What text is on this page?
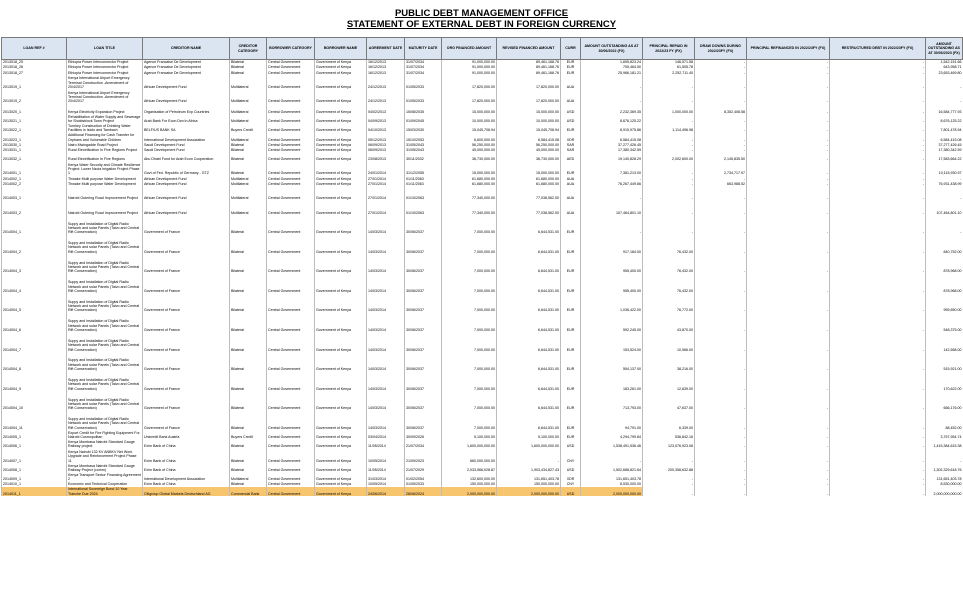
PUBLIC DEBT MANAGEMENT OFFICE
STATEMENT OF EXTERNAL DEBT IN FOREIGN CURRENCY
LOAN REF #	LOAN TITLE	CREDITOR NAME	CREDITOR CATEGORY	BORROWER CATEGORY	BORROWER NAME	AGREEMENT DATE	MATURITY DATE	ORG FINANCED AMOUNT	REVISED FINANCED AMOUNT	CURR	AMOUNT OUTSTANDING AS AT 30/06/2022 (FX)	PRINCIPAL REPAID IN 2022/23 FY (FX)	DRAW DOWNS DURING 2022/23FY (FX)	PRINCIPAL REFINANCED IN 2022/23FY (FX)	RESTRUCTURED DEBT IN 2022/23FY (FX)	AMOUNT OUTSTANDING AS AT 30/06/2023 (FX)
2013018_25	Ethiopia Power Interconnector Project	Agence Francaise De Development	Bilateral	Central Government	Government of Kenya	16/12/2013	31/07/2034	91,000,000.00	89,461,168.76	EUR	1,695,823.24	146,571.58	-	-	-	1,542,151.66
2013018_26	Ethiopia Power Interconnector Project	Agence Francaise De Development	Bilateral	Central Government	Government of Kenya	16/12/2013	31/07/2034	91,000,000.00	89,461,168.76	EUR	705,464.50	61,505.78	-	-	-	643,958.71
2013018_27	Ethiopia Power Interconnector Project	Agence Francaise De Development	Bilateral	Central Government	Government of Kenya	16/12/2013	31/07/2034	91,000,000.00	89,461,168.76	EUR	25,966,181.21	2,252,711.40	-	-	-	23,653,469.80
2013019_1	Kenya International Airport Emergency Terminal Construction -Amendment of 20/4/2017	African Development Fund	Multilateral	Central Government	Government of Kenya	24/12/2013	01/05/2033	17,820,000.00	17,820,000.00	AUA	-	-	-	-	-	-
2013019_2	Kenya International Airport Emergency Terminal Construction -Amendment of 20/4/2017	African Development Fund	Multilateral	Central Government	Government of Kenya	24/12/2013	01/05/2033	17,820,000.00	17,820,000.00	AUA	-	-	-	-	-	-
2013020_1	Kenya Electricity Expansion Project	Organisation of Petroleum Exp Countries	Multilateral	Central Government	Government of Kenya	04/02/2013	15/08/2035	15,000,000.00	15,000,000.00	USD	2,232,369.35	1,000,000.00	8,352,408.58	-	-	16,584,777.93
2013021_1	Rehabilitation of Water Supply and Sewerage for Sholdsblock Town Project	Arab Bank For Econ.Dev.In Africa	Multilateral	Central Government	Government of Kenya	04/09/2013	01/09/2045	10,000,000.00	10,000,000.00	USD	8,676,125.22	-	-	-	-	8,676,125.22
2013022_1	Turnkey Construction of Drinking Water Facilities in Isiolo and Tambach	BELFIUS BANK SA	Buyers Credit	Central Government	Government of Kenya	04/10/2013	15/03/2030	15,045,708.94	15,045,708.94	EUR	8,915,975.86	1,114,496.98	-	-	-	7,801,478.94
2013023_1	Additional Financing for Cash Transfer for Orphans and Vulnerable Children	International Development Association	Multilateral	Central Government	Government of Kenya	05/12/2013	15/10/2053	6,600,000.00	6,584,415.08	XDR	6,584,415.08	-	-	-	-	6,584,415.08
2013030_1	Nairo Mwingadde Road Project	Saudi Development Fund	Bilateral	Central Government	Government of Kenya	06/09/2013	31/05/2043	56,250,000.00	56,250,000.00	SAR	37,277,426.45	-	-	-	-	37,277,426.45
2013031_1	Rural Electrification In Five Regions Project	Saudi Development Fund	Bilateral	Central Government	Government of Kenya	06/09/2013	31/05/2043	45,000,000.00	45,000,000.00	SAR	17,380,342.59	-	-	-	-	17,380,342.59
2013032_1	Rural Electrification In Five Regions	Abu Dhabi Fund for Arab Econ Cooperation	Bilateral	Central Government	Government of Kenya	23/08/2013	30/11/2032	36,730,000.00	36,730,000.00	AED	19,140,828.29	2,002,600.00	2,145,835.50	-	-	17,583,664.22
2014001_1	Kenya Water Security and Climate Resilience Project: Lower Nzoia Irrigation Project Phase 1	Govt of Fed. Republic of Germany - GTZ	Bilateral	Central Government	Government of Kenya	24/01/2014	31/12/2055	15,000,000.00	15,000,000.00	EUR	7,381,213.00	-	2,734,717.97	-	-	10,115,930.97
2014002_1	Thwake Multi purpose Water Development	African Development Fund	Multilateral	Central Government	Government of Kenya	27/01/2014	01/11/2063	61,680,000.00	61,680,000.00	AUA	-	-	-	-	-	-
2014002_2	Thwake Multi purpose Water Development	African Development Fund	Multilateral	Central Government	Government of Kenya	27/01/2014	01/11/2063	61,680,000.00	61,680,000.00	AUA	76,267,449.66	-	663,988.52	-	-	76,931,438.99
2014003_1	Nairobi Outering Road Improvement Project	African Development Fund	Multilateral	Central Government	Government of Kenya	27/01/2014	01/10/2063	77,340,000.00	77,038,562.00	AUA	-	-	-	-	-	-
2014003_2	Nairobi Outering Road Improvement Project	African Development Fund	Multilateral	Central Government	Government of Kenya	27/01/2014	01/10/2063	77,340,000.00	77,038,562.00	AUA	107,464,801.10	-	-	-	-	107,464,801.10
2014004_1	Suppy and Installation of Digital Radio Network and solar Panels (Taivo and Central Rift Conservation)	Government of France	Bilateral	Central Government	Government of Kenya	14/03/2014	30/06/2037	7,000,000.00	6,644,531.00	EUR	-	-	-	-	-	-
2014004_2	Suppy and Installation of Digital Radio Network and solar Panels (Taivo and Central Rift Conservation)	Government of France	Bilateral	Central Government	Government of Kenya	14/03/2014	30/06/2037	7,000,000.00	6,644,531.00	EUR	917,184.00	76,432.00	-	-	-	840,752.00
2014004_3	Suppy and Installation of Digital Radio Network and solar Panels (Taivo and Central Rift Conservation)	Government of France	Bilateral	Central Government	Government of Kenya	14/03/2014	30/06/2037	7,000,000.00	6,644,531.00	EUR	955,400.00	76,432.00	-	-	-	878,968.00
2014004_4	Suppy and Installation of Digital Radio Network and solar Panels (Taivo and Central Rift Conservation)	Government of France	Bilateral	Central Government	Government of Kenya	14/03/2014	30/06/2037	7,000,000.00	6,644,531.00	EUR	955,400.00	76,432.00	-	-	-	878,968.00
2014004_5	Suppy and Installation of Digital Radio Network and solar Panels (Taivo and Central Rift Conservation)	Government of France	Bilateral	Central Government	Government of Kenya	14/03/2014	30/06/2037	7,000,000.00	6,644,531.00	EUR	1,036,422.00	76,772.00	-	-	-	959,650.00
2014004_6	Suppy and Installation of Digital Radio Network and solar Panels (Taivo and Central Rift Conservation)	Government of France	Bilateral	Central Government	Government of Kenya	14/03/2014	30/06/2037	7,000,000.00	6,644,531.00	EUR	592,245.00	43,870.00	-	-	-	548,375.00
2014004_7	Suppy and Installation of Digital Radio Network and solar Panels (Taivo and Central Rift Conservation)	Government of France	Bilateral	Central Government	Government of Kenya	14/03/2014	30/06/2037	7,000,000.00	6,644,531.00	EUR	153,524.00	10,966.00	-	-	-	142,558.00
2014004_8	Suppy and Installation of Digital Radio Network and solar Panels (Taivo and Central Rift Conservation)	Government of France	Bilateral	Central Government	Government of Kenya	14/03/2014	30/06/2037	7,000,000.00	6,644,531.00	EUR	554,137.00	38,216.00	-	-	-	515,921.00
2014004_9	Suppy and Installation of Digital Radio Network and solar Panels (Taivo and Central Rift Conservation)	Government of France	Bilateral	Central Government	Government of Kenya	14/03/2014	30/06/2037	7,000,000.00	6,644,531.00	EUR	183,261.00	12,639.00	-	-	-	170,622.00
2014004_10	Suppy and Installation of Digital Radio Network and solar Panels (Taivo and Central Rift Conservation)	Government of France	Bilateral	Central Government	Government of Kenya	14/03/2014	30/06/2037	7,000,000.00	6,644,531.00	EUR	713,793.00	47,637.00	-	-	-	666,176.00
2014004_11	Suppy and Installation of Digital Radio Network and solar Panels (Taivo and Central Rift Conservation)	Government of France	Bilateral	Central Government	Government of Kenya	14/03/2014	30/06/2037	7,000,000.00	6,644,531.00	EUR	94,791.00	6,339.00	-	-	-	88,452.00
2014005_1	Export Credit for Fire Fighting Equipment For Nairobi Cosmopolitan	Unicredit Bank Austria	Buyers Credit	Central Government	Government of Kenya	03/04/2014	30/09/2026	5,100,000.00	5,100,000.00	EUR	4,294,799.84	536,842.16	-	-	-	3,757,954.74
2014006_1	Kenya Mombasa Nairobi Standard Gauge Railway project	Exim Bank of China	Bilateral	Central Government	Government of Kenya	11/05/2014	21/07/2034	1,600,000,000.00	1,600,000,000.00	USD	1,538,491,536.46	123,076,923.08	-	-	-	1,415,384,615.38
2014007_1	Kenya Nairobi 132 KV ANBKV Net Work Upgrade and Reinforcement Project Phase 11	Exim Bank of China	Bilateral	Central Government	Government of Kenya	10/05/2014	21/09/2023	660,000,000.00	-	CNY	-	-	-	-	-	-
2014008_1	Kenya Mombasa Nairobi Standard Gauge Railway Project (comm)	Exim Bank of China	Bilateral	Central Government	Government of Kenya	11/05/2014	21/07/2029	2,033,566,028.87	1,903,434,827.43	USD	1,502,688,821.64	200,358,632.88	-	-	-	1,302,329,618.76
2014009_1	Kenya Transport Sector Financing Agreement 2	International Development Association	Multilateral	Central Government	Government of Kenya	31/03/2014	01/02/2054	132,600,000.00	131,651,403.78	XDR	131,651,403.78	-	-	-	-	131,651,403.78
2014010_1	Economic and Technical Cooperation	Exim Bank of China	Bilateral	Central Government	Government of Kenya	10/05/2014	01/05/2033	150,000,000.00	150,000,000.00	CNY	8,530,000.00	-	-	-	-	8,530,000.00
2014011_1	International Sovereign Bond 10 Year Tranche Due 2024	Citigroup Global Markets Deutschland AG	Commercial Bank	Central Government	Government of Kenya	24/06/2014	28/06/2024	2,000,000,000.00	2,000,000,000.00	USD	2,000,000,000.00	-	-	-	-	2,000,000,000.00
